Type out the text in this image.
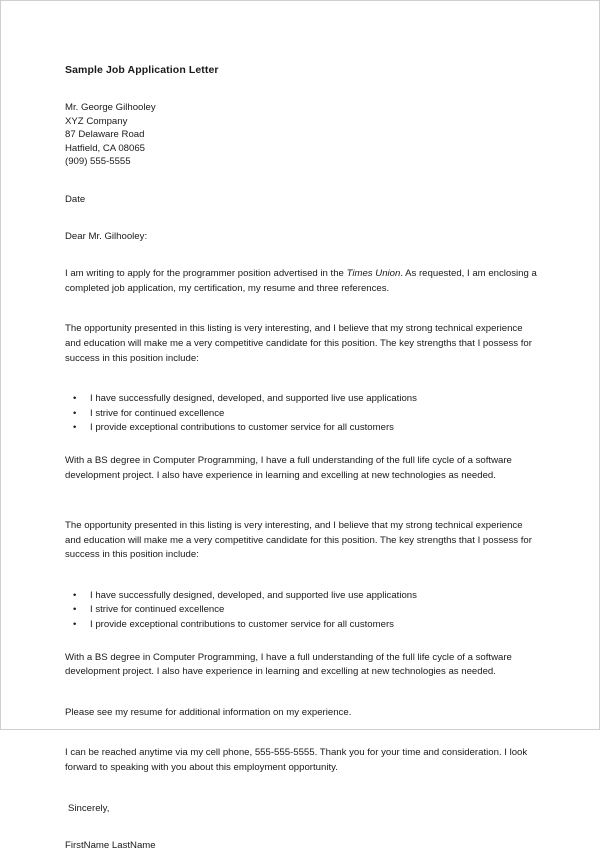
Sample Job Application Letter
Mr. George Gilhooley
XYZ Company
87 Delaware Road
Hatfield, CA 08065
(909) 555-5555
Date
Dear Mr. Gilhooley:

I am writing to apply for the programmer position advertised in the Times Union. As requested, I am enclosing a completed job application, my certification, my resume and three references.

The opportunity presented in this listing is very interesting, and I believe that my strong technical experience and education will make me a very competitive candidate for this position. The key strengths that I possess for success in this position include:

• I have successfully designed, developed, and supported live use applications
• I strive for continued excellence
• I provide exceptional contributions to customer service for all customers

With a BS degree in Computer Programming, I have a full understanding of the full life cycle of a software development project. I also have experience in learning and excelling at new technologies as needed.

The opportunity presented in this listing is very interesting, and I believe that my strong technical experience and education will make me a very competitive candidate for this position. The key strengths that I possess for success in this position include:

• I have successfully designed, developed, and supported live use applications
• I strive for continued excellence
• I provide exceptional contributions to customer service for all customers

With a BS degree in Computer Programming, I have a full understanding of the full life cycle of a software development project. I also have experience in learning and excelling at new technologies as needed.

Please see my resume for additional information on my experience.

I can be reached anytime via my cell phone, 555-555-5555. Thank you for your time and consideration. I look forward to speaking with you about this employment opportunity.

Sincerely,
FirstName LastName
